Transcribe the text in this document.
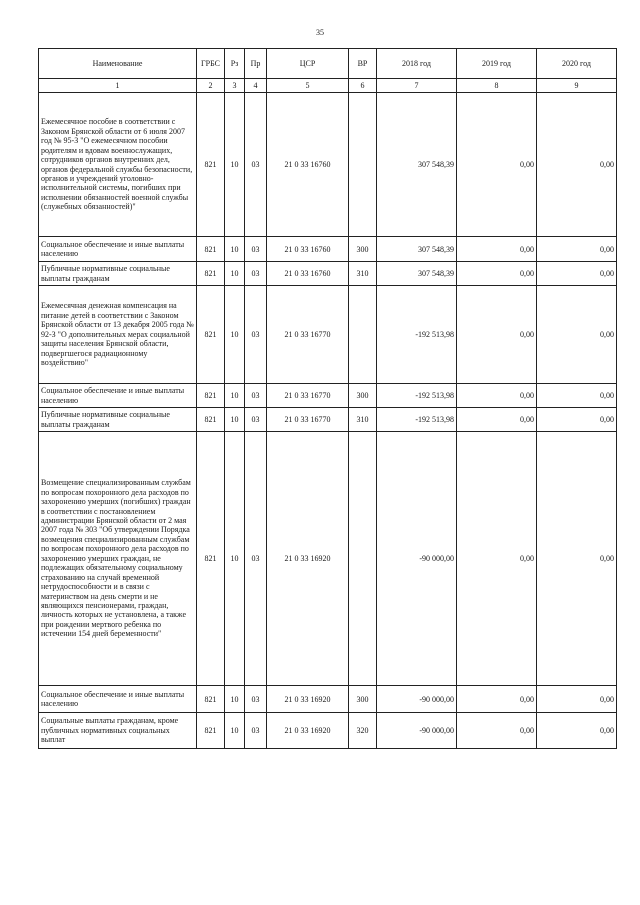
35
Наименование	ГРБС	Рз	Пр	ЦСР	ВР	2018 год	2019 год	2020 год
1	2	3	4	5	6	7	8	9
Ежемесячное пособие в соответствии с Законом Брянской области от 6 июля 2007 год № 95-З "О ежемесячном пособии родителям и вдовам военнослужащих, сотрудников органов внутренних дел, органов федеральной службы безопасности, органов и учреждений уголовно-исполнительной системы, погибших при исполнении обязанностей военной службы (служебных обязанностей)"	821	10	03	21 0 33 16760		307 548,39	0,00	0,00
Социальное обеспечение и иные выплаты населению	821	10	03	21 0 33 16760	300	307 548,39	0,00	0,00
Публичные нормативные социальные выплаты гражданам	821	10	03	21 0 33 16760	310	307 548,39	0,00	0,00
Ежемесячная денежная компенсация на питание детей в соответствии с Законом Брянской области от 13 декабря 2005 года № 92-З "О дополнительных мерах социальной защиты населения Брянской области, подвергшегося радиационному воздействию"	821	10	03	21 0 33 16770		-192 513,98	0,00	0,00
Социальное обеспечение и иные выплаты населению	821	10	03	21 0 33 16770	300	-192 513,98	0,00	0,00
Публичные нормативные социальные выплаты гражданам	821	10	03	21 0 33 16770	310	-192 513,98	0,00	0,00
Возмещение специализированным службам по вопросам похоронного дела расходов по захоронению умерших (погибших) граждан в соответствии с постановлением администрации Брянской области от 2 мая 2007 года № 303 "Об утверждении Порядка возмещения специализированным службам по вопросам похоронного дела расходов по захоронению умерших граждан, не подлежащих обязательному социальному страхованию на случай временной нетрудоспособности и в связи с материнством на день смерти и не являющихся пенсионерами, граждан, личность которых не установлена, а также при рождении мертвого ребенка по истечении 154 дней беременности"	821	10	03	21 0 33 16920		-90 000,00	0,00	0,00
Социальное обеспечение и иные выплаты населению	821	10	03	21 0 33 16920	300	-90 000,00	0,00	0,00
Социальные выплаты гражданам, кроме публичных нормативных социальных выплат	821	10	03	21 0 33 16920	320	-90 000,00	0,00	0,00
